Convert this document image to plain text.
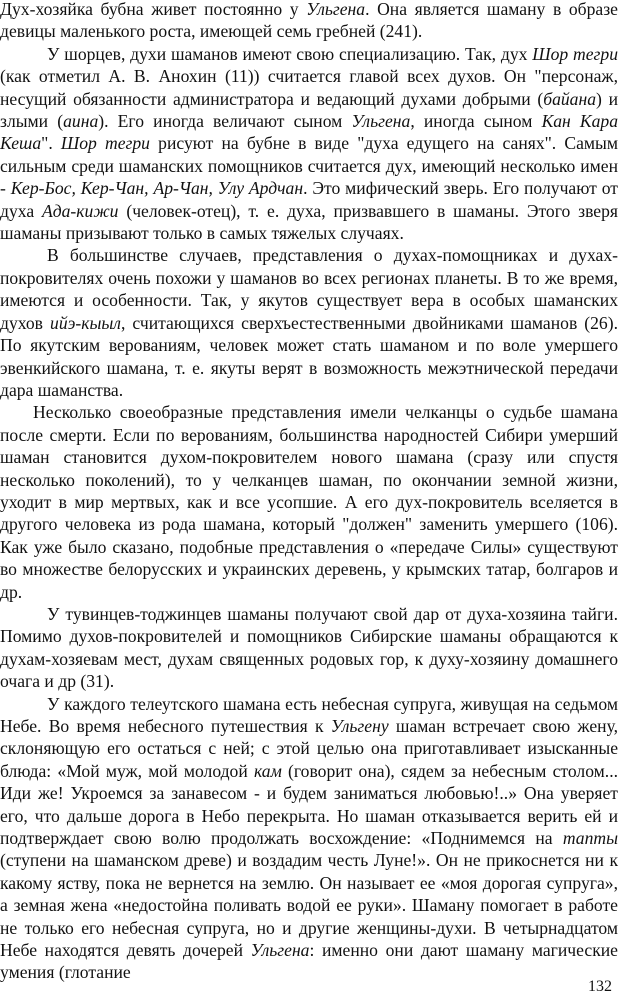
Дух-хозяйка бубна живет постоянно у Ульгена. Она является шаману в образе девицы маленького роста, имеющей семь гребней (241).

У шорцев, духи шаманов имеют свою специализацию. Так, дух Шор тегри (как отметил А. В. Анохин (11)) считается главой всех духов. Он "персонаж, несущий обязанности администратора и ведающий духами добрыми (байана) и злыми (аина). Его иногда величают сыном Ульгена, иногда сыном Кан Кара Кеша". Шор тегри рисуют на бубне в виде "духа едущего на санях". Самым сильным среди шаманских помощников считается дух, имеющий несколько имен - Кер-Бос, Кер-Чан, Ар-Чан, Улу Ардчан. Это мифический зверь. Его получают от духа Ада-кижи (человек-отец), т. е. духа, призвавшего в шаманы. Этого зверя шаманы призывают только в самых тяжелых случаях.

В большинстве случаев, представления о духах-помощниках и духах-покровителях очень похожи у шаманов во всех регионах планеты. В то же время, имеются и особенности. Так, у якутов существует вера в особых шаманских духов ийэ-кыыл, считающихся сверхъестественными двойниками шаманов (26). По якутским верованиям, человек может стать шаманом и по воле умершего эвенкийского шамана, т. е. якуты верят в возможность межэтнической передачи дара шаманства.

Несколько своеобразные представления имели челканцы о судьбе шамана после смерти. Если по верованиям, большинства народностей Сибири умерший шаман становится духом-покровителем нового шамана (сразу или спустя несколько поколений), то у челканцев шаман, по окончании земной жизни, уходит в мир мертвых, как и все усопшие. А его дух-покровитель вселяется в другого человека из рода шамана, который "должен" заменить умершего (106). Как уже было сказано, подобные представления о «передаче Силы» существуют во множестве белорусских и украинских деревень, у крымских татар, болгаров и др.

У тувинцев-тоджинцев шаманы получают свой дар от духа-хозяина тайги. Помимо духов-покровителей и помощников Сибирские шаманы обращаются к духам-хозяевам мест, духам священных родовых гор, к духу-хозяину домашнего очага и др (31).

У каждого телеутского шамана есть небесная супруга, живущая на седьмом Небе. Во время небесного путешествия к Ульгену шаман встречает свою жену, склоняющую его остаться с ней; с этой целью она приготавливает изысканные блюда: «Мой муж, мой молодой кам (говорит она), сядем за небесным столом... Иди же! Укроемся за занавесом - и будем заниматься любовью!..» Она уверяет его, что дальше дорога в Небо перекрыта. Но шаман отказывается верить ей и подтверждает свою волю продолжать восхождение: «Поднимемся на тапты (ступени на шаманском древе) и воздадим честь Луне!». Он не прикоснется ни к какому яству, пока не вернется на землю. Он называет ее «моя дорогая супруга», а земная жена «недостойна поливать водой ее руки». Шаману помогает в работе не только его небесная супруга, но и другие женщины-духи. В четырнадцатом Небе находятся девять дочерей Ульгена: именно они дают шаману магические умения (глотание

132
